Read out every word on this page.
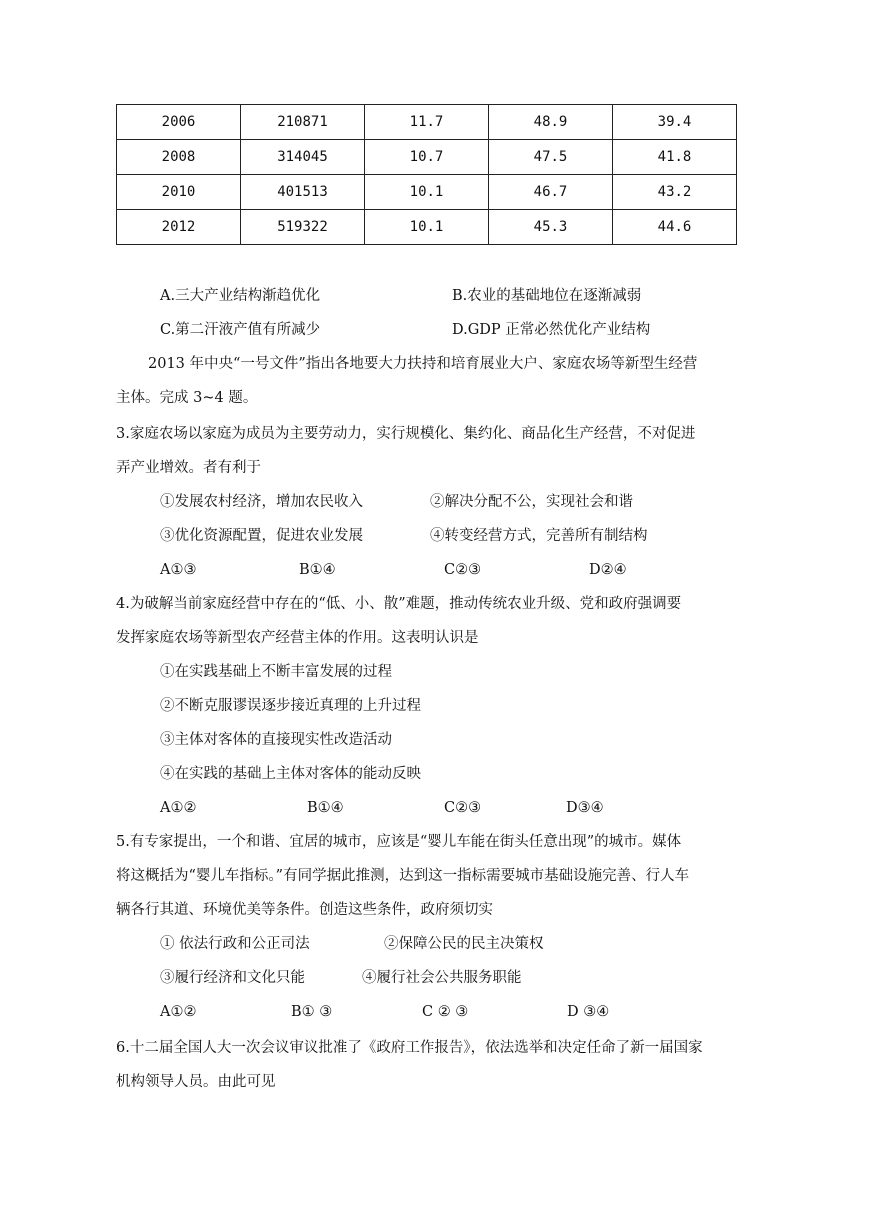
2006	210871	11.7	48.9	39.4
2008	314045	10.7	47.5	41.8
2010	401513	10.1	46.7	43.2
2012	519322	10.1	45.3	44.6
A.三大产业结构渐趋优化	B.农业的基础地位在逐渐减弱
C.第二汗液产值有所减少	D.GDP 正常必然优化产业结构
2013 年中央“一号文件”指出各地要大力扶持和培育展业大户、家庭农场等新型生经营
主体。完成 3~4 题。
3.家庭农场以家庭为成员为主要劳动力，实行规模化、集约化、商品化生产经营，不对促进
弄产业增效。者有利于
①发展农村经济，增加农民收入	②解决分配不公，实现社会和谐
③优化资源配置，促进农业发展	④转变经营方式，完善所有制结构
A①③	B①④	C②③	D②④
4.为破解当前家庭经营中存在的“低、小、散”难题，推动传统农业升级、党和政府强调要
发挥家庭农场等新型农产经营主体的作用。这表明认识是
①在实践基础上不断丰富发展的过程
②不断克服谬误逐步接近真理的上升过程
③主体对客体的直接现实性改造活动
④在实践的基础上主体对客体的能动反映
A①②	B①④	C②③	D③④
5.有专家提出，一个和谐、宜居的城市，应该是“婴儿车能在街头任意出现”的城市。媒体
将这概括为“婴儿车指标。”有同学据此推测，达到这一指标需要城市基础设施完善、行人车
辆各行其道、环境优美等条件。创造这些条件，政府须切实
① 依法行政和公正司法	②保障公民的民主决策权
③履行经济和文化只能	④履行社会公共服务职能
A①②	B① ③	C ② ③	D ③④
6.十二届全国人大一次会议审议批准了《政府工作报告》，依法选举和决定任命了新一届国家
机构领导人员。由此可见
